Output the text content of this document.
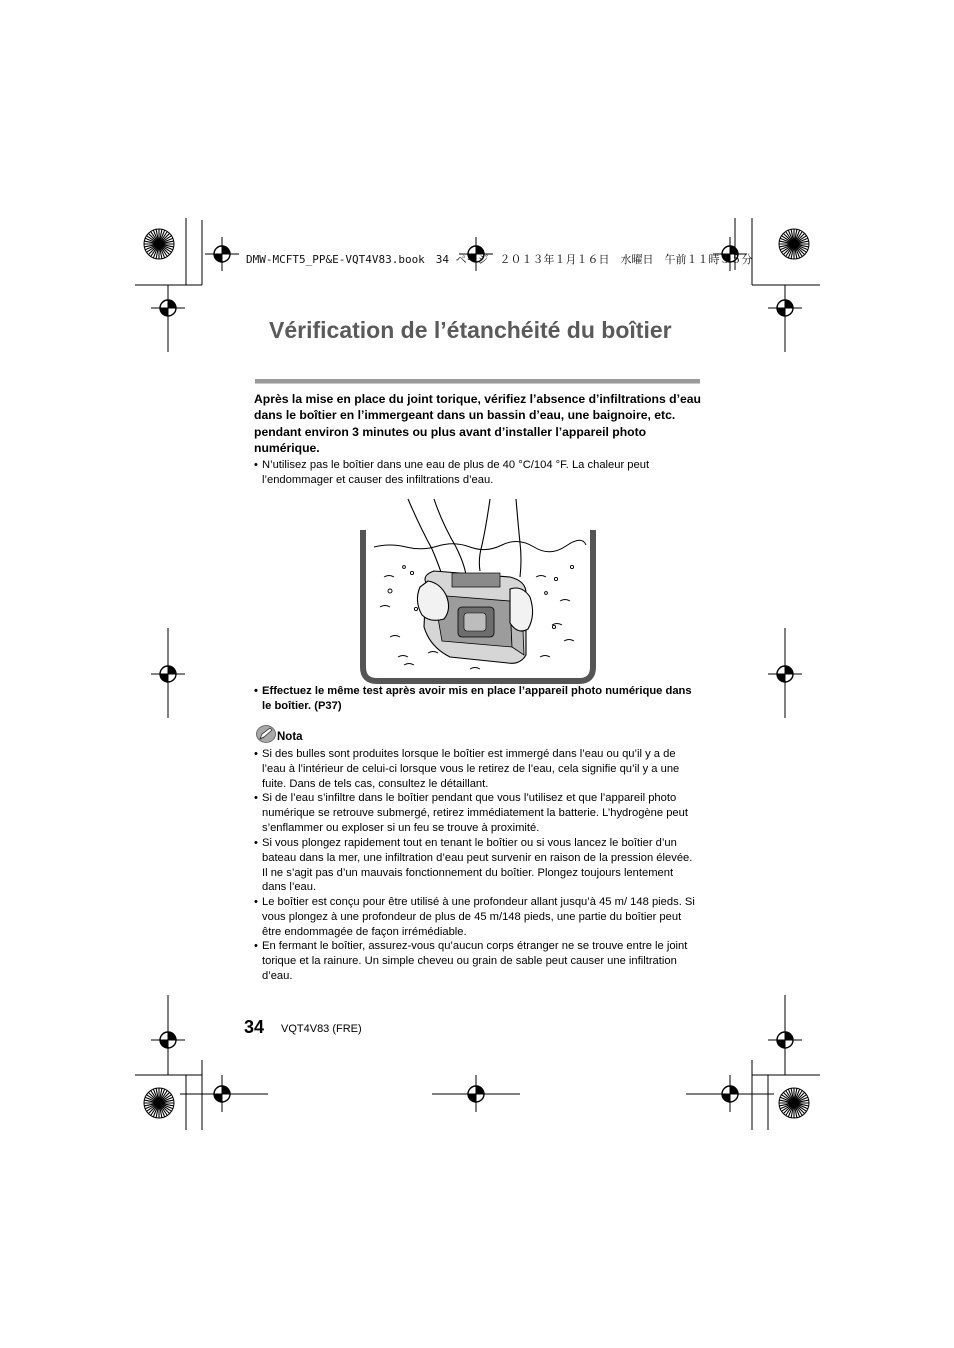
DMW-MCFT5_PP&E-VQT4V83.book　34 ページ　２０１３年１月１６日　水曜日　午前１１時３５分
Vérification de l’étanchéité du boîtier
Après la mise en place du joint torique, vérifiez l’absence d’infiltrations d’eau dans le boîtier en l’immergeant dans un bassin d’eau, une baignoire, etc. pendant environ 3 minutes ou plus avant d’installer l’appareil photo numérique.
• N’utilisez pas le boîtier dans une eau de plus de 40 °C/104 °F. La chaleur peut l’endommager et causer des infiltrations d’eau.
• Effectuez le même test après avoir mis en place l’appareil photo numérique dans le boîtier. (P37)
Nota
• Si des bulles sont produites lorsque le boîtier est immergé dans l’eau ou qu’il y a de l’eau à l’intérieur de celui-ci lorsque vous le retirez de l’eau, cela signifie qu’il y a une fuite. Dans de tels cas, consultez le détaillant.
• Si de l’eau s’infiltre dans le boîtier pendant que vous l’utilisez et que l’appareil photo numérique se retrouve submergé, retirez immédiatement la batterie. L’hydrogène peut s’enflammer ou exploser si un feu se trouve à proximité.
• Si vous plongez rapidement tout en tenant le boîtier ou si vous lancez le boîtier d’un bateau dans la mer, une infiltration d’eau peut survenir en raison de la pression élevée. Il ne s’agit pas d’un mauvais fonctionnement du boîtier. Plongez toujours lentement dans l’eau.
• Le boîtier est conçu pour être utilisé à une profondeur allant jusqu’à 45 m/ 148 pieds. Si vous plongez à une profondeur de plus de 45 m/148 pieds, une partie du boîtier peut être endommagée de façon irrémédiable.
• En fermant le boîtier, assurez-vous qu’aucun corps étranger ne se trouve entre le joint torique et la rainure. Un simple cheveu ou grain de sable peut causer une infiltration d’eau.
34 VQT4V83 (FRE)
